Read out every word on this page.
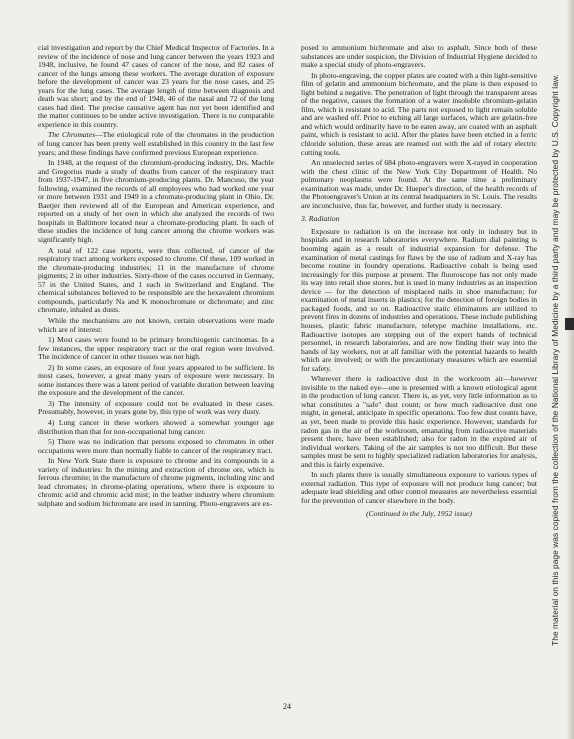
cial investigation and report by the Chief Medical Inspector of Factories. In a review of the incidence of nose and lung cancer between the years 1923 and 1948, inclusive, he found 47 cases of cancer of the nose, and 82 cases of cancer of the lungs among these workers. The average duration of exposure before the development of cancer was 23 years for the nose cases, and 25 years for the lung cases. The average length of time between diagnosis and death was short; and by the end of 1948, 46 of the nasal and 72 of the lung cases had died. The precise causative agent has not yet been identified and the matter continues to be under active investigation. There is no comparable experience in this country.

The Chromates—The etiological role of the chromates in the production of lung cancer has been pretty well established in this country in the last few years; and these findings have confirmed previous European experience.

In 1948, at the request of the chromium-producing industry, Drs. Machle and Gregorius made a study of deaths from cancer of the respiratory tract from 1937-1947, in five chromium-producing plants. Dr. Mancuso, the year following, examined the records of all employees who had worked one year or more between 1931 and 1949 in a chromate-producing plant in Ohio. Dr. Baetjer then reviewed all of the European and American experience, and reported on a study of her own in which she analyzed the records of two hospitals in Baltimore located near a chromate-producing plant. In each of these studies the incidence of lung cancer among the chrome workers was significantly high.

A total of 122 case reports, were thus collected, of cancer of the respiratory tract among workers exposed to chrome. Of these, 109 worked in the chromate-producing industries; 11 in the manufacture of chrome pigments; 2 in other industries. Sixty-three of the cases occurred in Germany, 57 in the United States, and 1 each in Switzerland and England. The chemical substances believed to be responsible are the hexavalent chromium compounds, particularly Na and K monochromate or dichromate; and zinc chromate, inhaled as dusts.

While the mechanisms are not known, certain observations were made which are of interest:

1) Most cases were found to be primary bronchiogenic carcinomas. In a few instances, the upper respiratory tract or the oral region were involved. The incidence of cancer in other tissues was not high.

2) In some cases, an exposure of four years appeared to be sufficient. In most cases, however, a great many years of exposure were necessary. In some instances there was a latent period of variable duration between leaving the exposure and the development of the cancer.

3) The intensity of exposure could not be evaluated in these cases. Presumably, however, in years gone by, this type of work was very dusty.

4) Lung cancer in these workers showed a somewhat younger age distribution than that for non-occupational lung cancer.

5) There was no indication that persons exposed to chromates in other occupations were more than normally liable to cancer of the respiratory tract.

In New York State there is exposure to chrome and its compounds in a variety of industries: In the mining and extraction of chrome ore, which is ferrous chromite; in the manufacture of chrome pigments, including zinc and lead chromates; in chrome-plating operations, where there is exposure to chromic acid and chromic acid mist; in the leather industry where chromium sulphate and sodium bichromate are used in tanning. Photo-engravers are ex-

posed to ammonium bichromate and also to asphalt. Since both of these substances are under suspicion, the Division of Industrial Hygiene decided to make a special study of photo-engravers.

In photo-engraving, the copper plates are coated with a thin light-sensitive film of gelatin and ammonium bichromate, and the plate is then exposed to light behind a negative. The penetration of light through the transparent areas of the negative, causes the formation of a water insoluble chromium-gelatin film, which is resistant to acid. The parts not exposed to light remain soluble and are washed off. Prior to etching all large surfaces, which are gelatin-free and which would ordinarily have to be eaten away, are coated with an asphalt paint, which is resistant to acid. After the plates have been etched in a ferric chloride solution, these areas are reamed out with the aid of rotary electric cutting tools.

An unselected series of 684 photo-engravers were X-rayed in cooperation with the chest clinic of the New York City Department of Health. No pulmonary neoplasms were found. At the same time a preliminary examination was made, under Dr. Hueper's direction, of the health records of the Photoengraver's Union at its central headquarters in St. Louis. The results are inconclusive, thus far, however, and further study is necessary.

3. Radiation

Exposure to radiation is on the increase not only in industry but in hospitals and in research laboratories everywhere. Radium dial painting is booming again as a result of industrial expansion for defense. The examination of metal castings for flaws by the use of radium and X-ray has become routine in foundry operations. Radioactive cobalt is being used increasingly for this purpose at present. The fluoroscope has not only made its way into retail shoe stores, but is used in many industries as an inspection device — for the detection of misplaced nails in shoe manufacture; for examination of metal inserts in plastics; for the detection of foreign bodies in packaged foods, and so on. Radioactive static eliminators are utilized to prevent fires in dozens of industries and operations. These include publishing houses, plastic fabric manufacture, teletype machine installations, etc. Radioactive isotopes are stepping out of the expert hands of technical personnel, in research laboratories, and are now finding their way into the hands of lay workers, not at all familiar with the potential hazards to health which are involved; or with the precautionary measures which are essential for safety.

Wherever there is radioactive dust in the workroom air—however invisible to the naked eye—one is presented with a known etiological agent in the production of lung cancer. There is, as yet, very little information as to what constitutes a "safe" dust count; or how much radioactive dust one might, in general, anticipate in specific operations. Too few dust counts have, as yet, been made to provide this basic experience. However, standards for radon gas in the air of the workroom, emanating from radioactive materials present there, have been established; also for radon in the expired air of individual workers. Taking of the air samples is not too difficult. But these samples must be sent to highly specialized radiation laboratories for analysis, and this is fairly expensive.

In such plants there is usually simultaneous exposure to various types of external radiation. This type of exposure will not produce lung cancer; but adequate lead shielding and other control measures are nevertheless essential for the prevention of cancer elsewhere in the body.

(Continued in the July, 1952 issue)
24
The material on this page was copied from the collection of the National Library of Medicine by a third party and may be protected by U.S. Copyright law.
